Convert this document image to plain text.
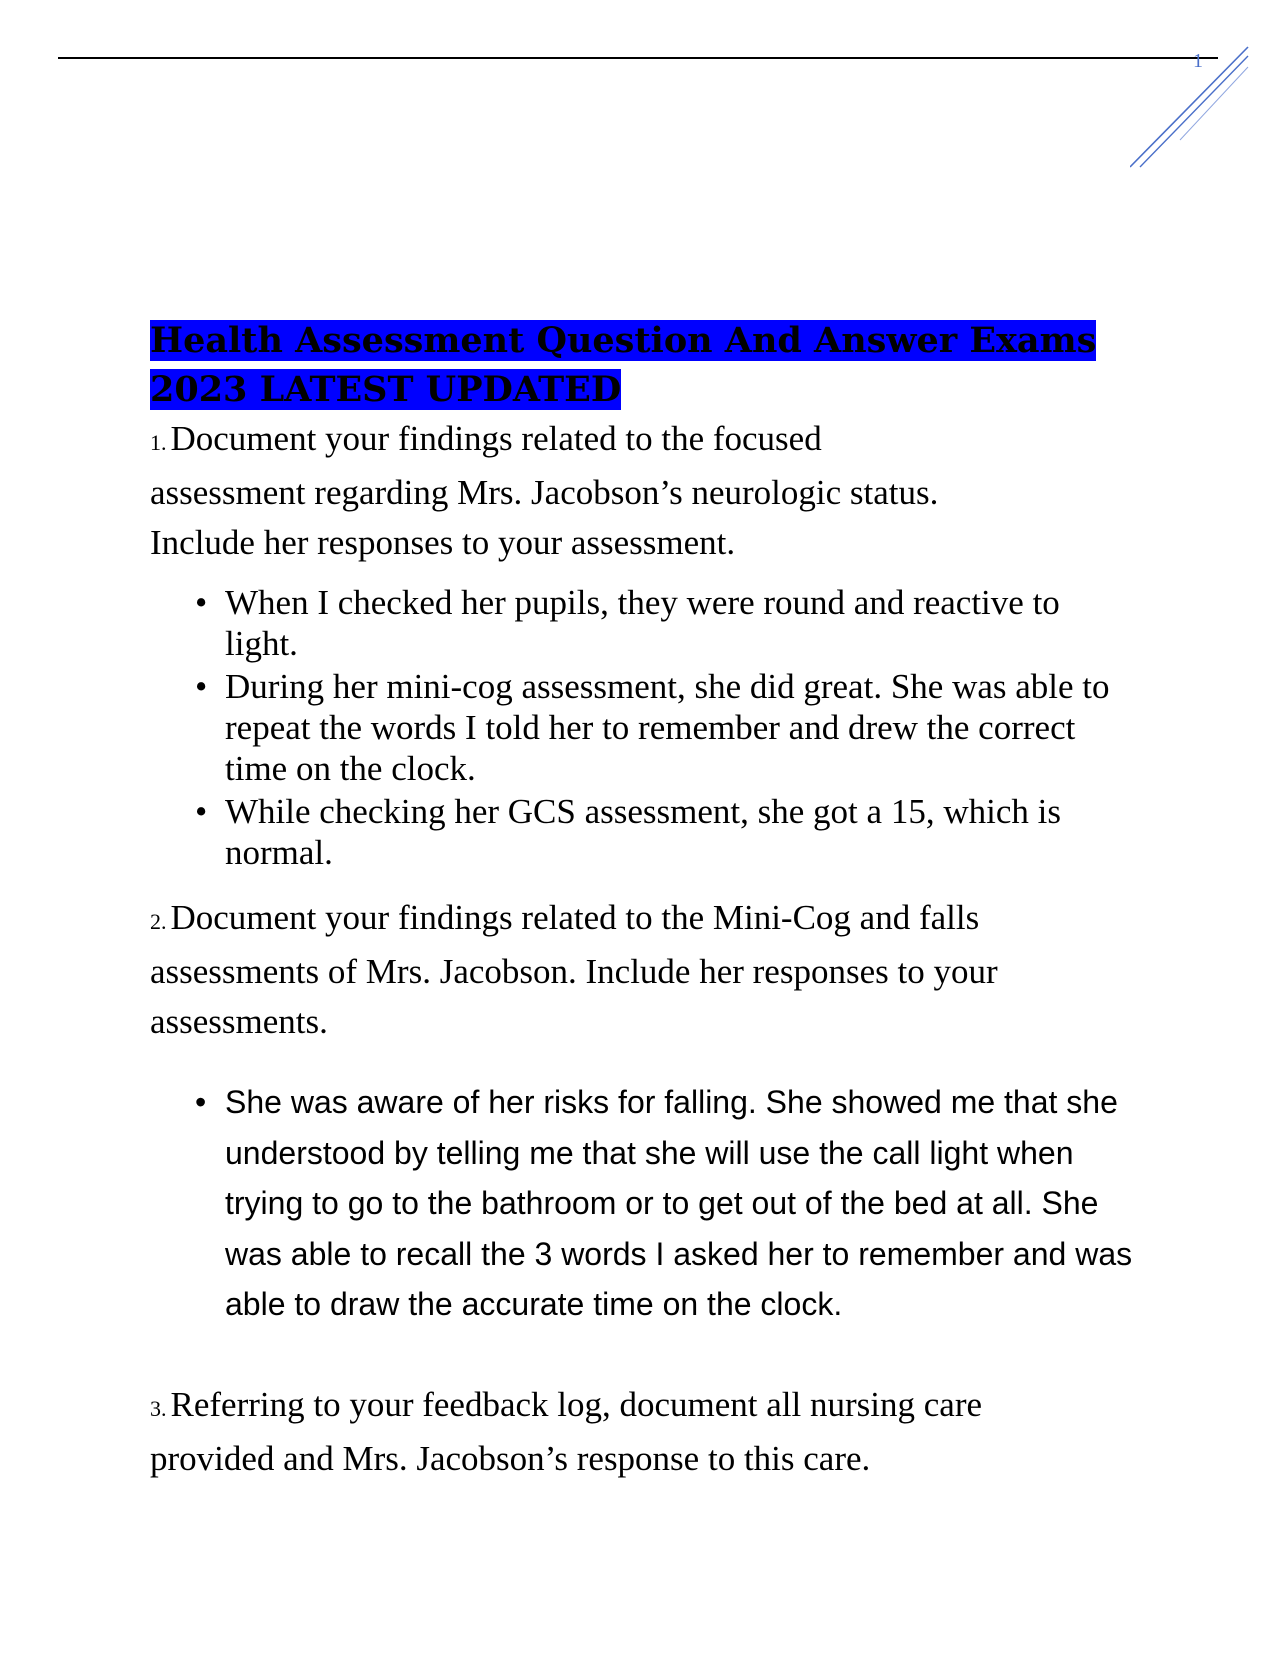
1
Health Assessment Question And Answer Exams
2023 LATEST UPDATED

1. Document your findings related to the focused
assessment regarding Mrs. Jacobson’s neurologic status.
Include her responses to your assessment.

• When I checked her pupils, they were round and reactive to light.
• During her mini-cog assessment, she did great. She was able to repeat the words I told her to remember and drew the correct time on the clock.
• While checking her GCS assessment, she got a 15, which is normal.

2. Document your findings related to the Mini-Cog and falls
assessments of Mrs. Jacobson. Include her responses to your
assessments.

• She was aware of her risks for falling. She showed me that she understood by telling me that she will use the call light when trying to go to the bathroom or to get out of the bed at all. She was able to recall the 3 words I asked her to remember and was able to draw the accurate time on the clock.

3. Referring to your feedback log, document all nursing care
provided and Mrs. Jacobson’s response to this care.
